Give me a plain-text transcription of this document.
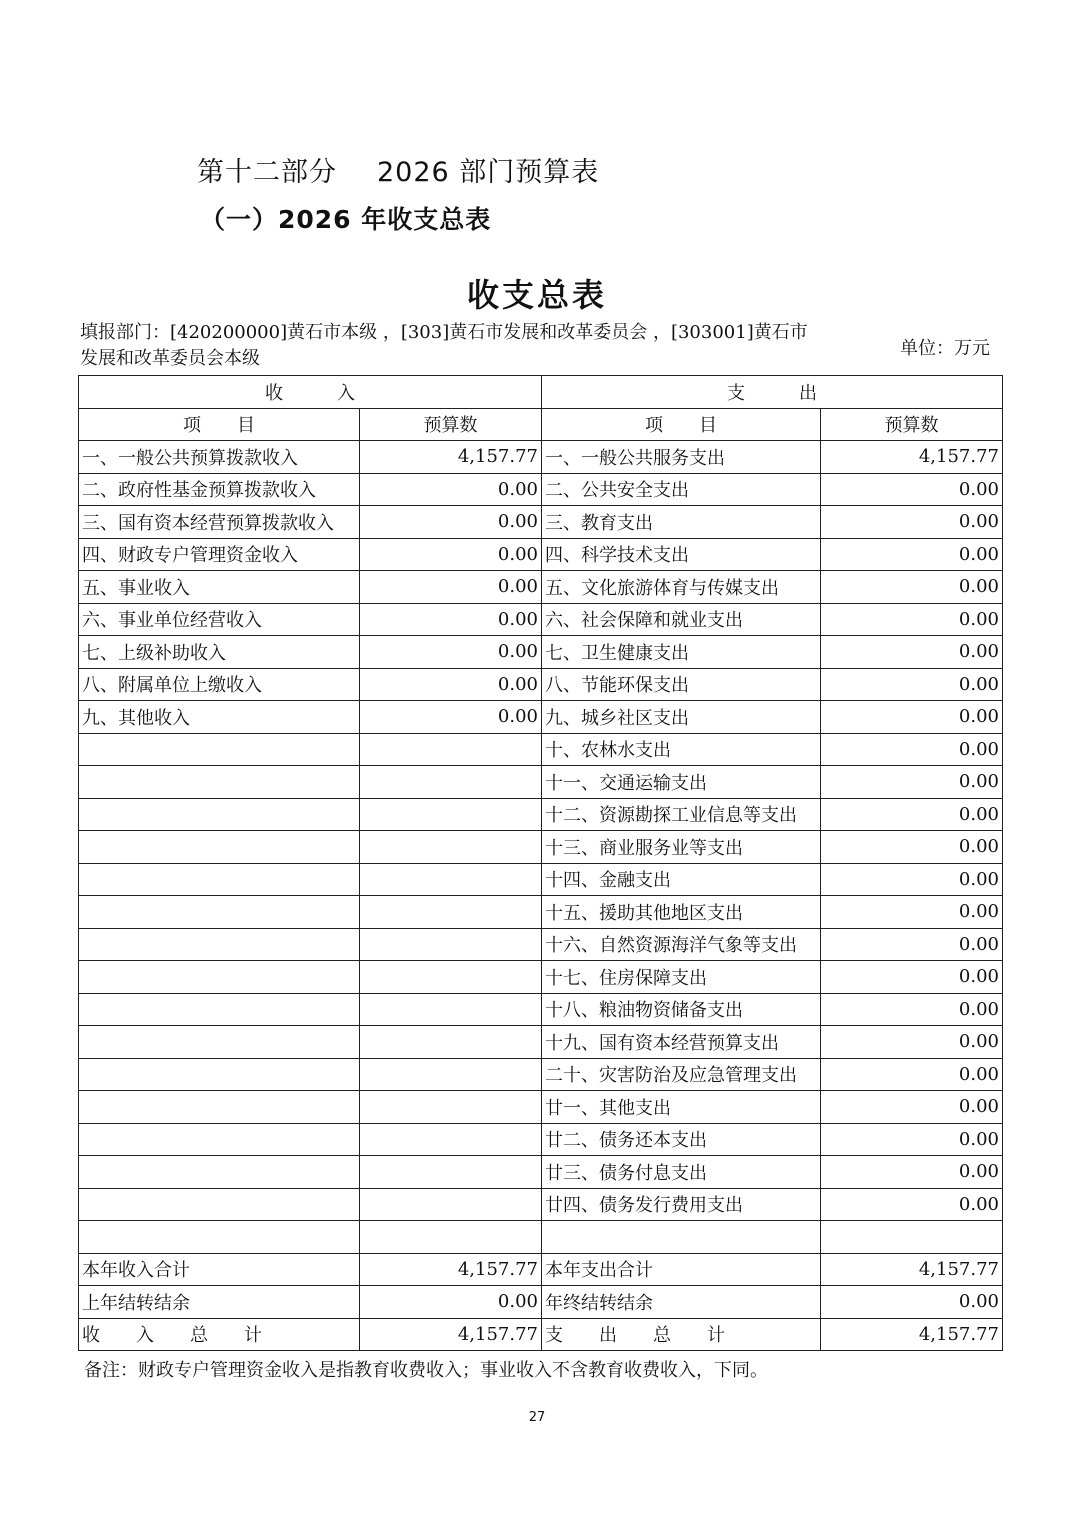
第十二部分 2026 部门预算表
（一）2026 年收支总表
收支总表
填报部门：[420200000]黄石市本级 ，[303]黄石市发展和改革委员会 ，[303001]黄石市发展和改革委员会本级	单位：万元
收　　　入		支　　　出	
项　　目	预算数	项　　目	预算数
一、一般公共预算拨款收入	4,157.77	一、一般公共服务支出	4,157.77
二、政府性基金预算拨款收入	0.00	二、公共安全支出	0.00
三、国有资本经营预算拨款收入	0.00	三、教育支出	0.00
四、财政专户管理资金收入	0.00	四、科学技术支出	0.00
五、事业收入	0.00	五、文化旅游体育与传媒支出	0.00
六、事业单位经营收入	0.00	六、社会保障和就业支出	0.00
七、上级补助收入	0.00	七、卫生健康支出	0.00
八、附属单位上缴收入	0.00	八、节能环保支出	0.00
九、其他收入	0.00	九、城乡社区支出	0.00
		十、农林水支出	0.00
		十一、交通运输支出	0.00
		十二、资源勘探工业信息等支出	0.00
		十三、商业服务业等支出	0.00
		十四、金融支出	0.00
		十五、援助其他地区支出	0.00
		十六、自然资源海洋气象等支出	0.00
		十七、住房保障支出	0.00
		十八、粮油物资储备支出	0.00
		十九、国有资本经营预算支出	0.00
		二十、灾害防治及应急管理支出	0.00
		廿一、其他支出	0.00
		廿二、债务还本支出	0.00
		廿三、债务付息支出	0.00
		廿四、债务发行费用支出	0.00

本年收入合计	4,157.77	本年支出合计	4,157.77
上年结转结余	0.00	年终结转结余	0.00
收　　入　　总　　计	4,157.77	支　　出　　总　　计	4,157.77
备注：财政专户管理资金收入是指教育收费收入；事业收入不含教育收费收入，下同。
27
